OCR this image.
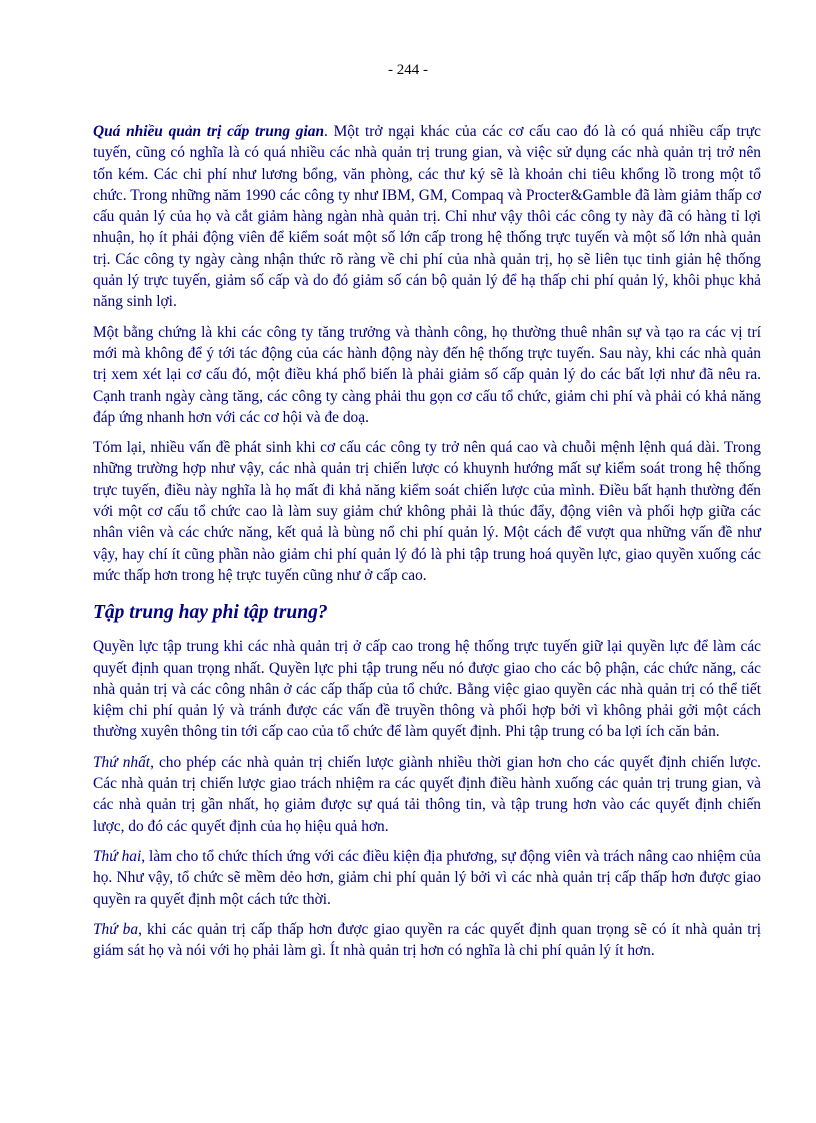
- 244 -

Quá nhiều quản trị cấp trung gian. Một trở ngại khác của các cơ cấu cao đó là có quá nhiều cấp trực tuyến, cũng có nghĩa là có quá nhiều các nhà quản trị trung gian, và việc sử dụng các nhà quản trị trở nên tốn kém. Các chi phí như lương bổng, văn phòng, các thư ký sẽ là khoản chi tiêu khổng lồ trong một tổ chức. Trong những năm 1990 các công ty như IBM, GM, Compaq và Procter&Gamble đã làm giảm thấp cơ cấu quản lý của họ và cắt giảm hàng ngàn nhà quản trị. Chỉ như vậy thôi các công ty này đã có hàng tỉ lợi nhuận, họ ít phải động viên để kiểm soát một số lớn cấp trong hệ thống trực tuyến và một số lớn nhà quản trị. Các công ty ngày càng nhận thức rõ ràng về chi phí của nhà quản trị, họ sẽ liên tục tinh giản hệ thống quản lý trực tuyến, giảm số cấp và do đó giảm số cán bộ quản lý để hạ thấp chi phí quản lý, khôi phục khả năng sinh lợi.

Một bằng chứng là khi các công ty tăng trưởng và thành công, họ thường thuê nhân sự và tạo ra các vị trí mới mà không để ý tới tác động của các hành động này đến hệ thống trực tuyến. Sau này, khi các nhà quản trị xem xét lại cơ cấu đó, một điều khá phổ biến là phải giảm số cấp quản lý do các bất lợi như đã nêu ra. Cạnh tranh ngày càng tăng, các công ty càng phải thu gọn cơ cấu tổ chức, giảm chi phí và phải có khả năng đáp ứng nhanh hơn với các cơ hội và đe doạ.

Tóm lại, nhiều vấn đề phát sinh khi cơ cấu các công ty trở nên quá cao và chuỗi mệnh lệnh quá dài. Trong những trường hợp như vậy, các nhà quản trị chiến lược có khuynh hướng mất sự kiểm soát trong hệ thống trực tuyến, điều này nghĩa là họ mất đi khả năng kiểm soát chiến lược của mình. Điều bất hạnh thường đến với một cơ cấu tổ chức cao là làm suy giảm chứ không phải là thúc đẩy, động viên và phối hợp giữa các nhân viên và các chức năng, kết quả là bùng nổ chi phí quản lý. Một cách để vượt qua những vấn đề như vậy, hay chí ít cũng phần nào giảm chi phí quản lý đó là phi tập trung hoá quyền lực, giao quyền xuống các mức thấp hơn trong hệ trực tuyến cũng như ở cấp cao.

Tập trung hay phi tập trung?

Quyền lực tập trung khi các nhà quản trị ở cấp cao trong hệ thống trực tuyến giữ lại quyền lực để làm các quyết định quan trọng nhất. Quyền lực phi tập trung nếu nó được giao cho các bộ phận, các chức năng, các nhà quản trị và các công nhân ở các cấp thấp của tổ chức. Bằng việc giao quyền các nhà quản trị có thể tiết kiệm chi phí quản lý và tránh được các vấn đề truyền thông và phối hợp bởi vì không phải gởi một cách thường xuyên thông tin tới cấp cao của tổ chức để làm quyết định. Phi tập trung có ba lợi ích căn bản.

Thứ nhất, cho phép các nhà quản trị chiến lược giành nhiều thời gian hơn cho các quyết định chiến lược. Các nhà quản trị chiến lược giao trách nhiệm ra các quyết định điều hành xuống các quản trị trung gian, và các nhà quản trị gần nhất, họ giảm được sự quá tải thông tin, và tập trung hơn vào các quyết định chiến lược, do đó các quyết định của họ hiệu quả hơn.

Thứ hai, làm cho tổ chức thích ứng với các điều kiện địa phương, sự động viên và trách nâng cao nhiệm của họ. Như vậy, tổ chức sẽ mềm dẻo hơn, giảm chi phí quản lý bởi vì các nhà quản trị cấp thấp hơn được giao quyền ra quyết định một cách tức thời.

Thứ ba, khi các quản trị cấp thấp hơn được giao quyền ra các quyết định quan trọng sẽ có ít nhà quản trị giám sát họ và nói với họ phải làm gì. Ít nhà quản trị hơn có nghĩa là chi phí quản lý ít hơn.
